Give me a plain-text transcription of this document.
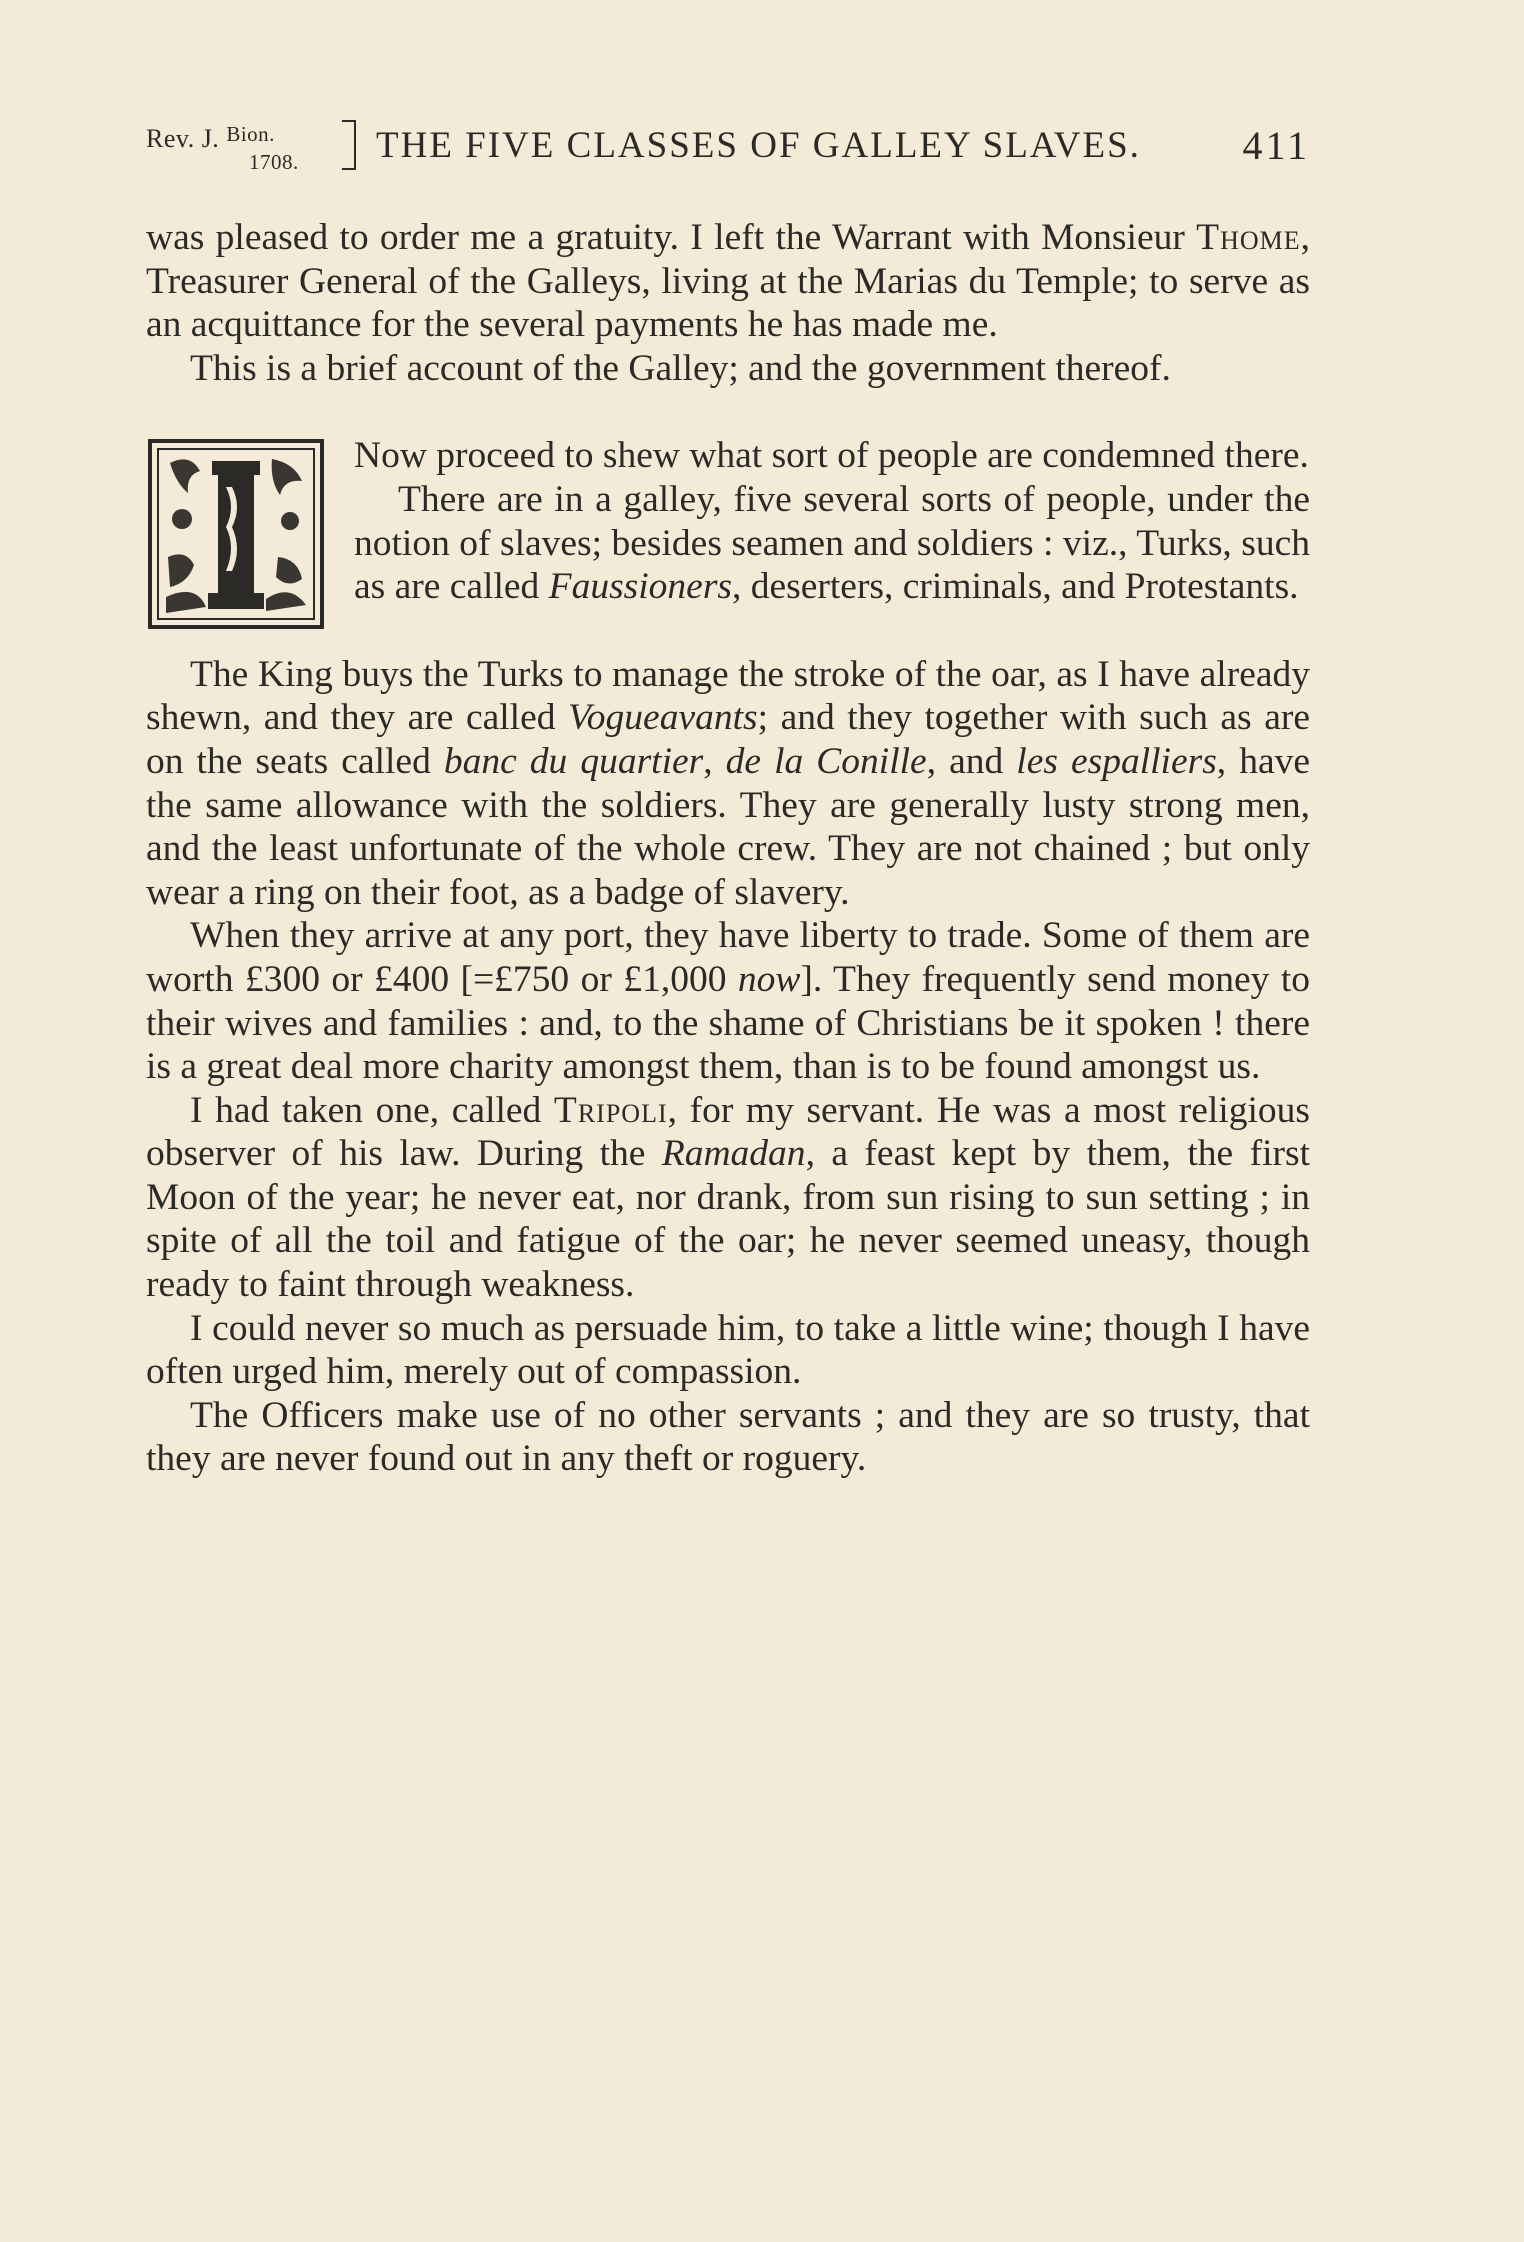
Rev. J. $^{Bion.}$
1708. THE FIVE CLASSES OF GALLEY SLAVES.	411

was pleased to order me a gratuity. I left the Warrant with Monsieur Thome, Treasurer General of the Galleys, living at the Marias du Temple; to serve as an acquittance for the several payments he has made me.

This is a brief account of the Galley; and the government thereof.

Now proceed to shew what sort of people are condemned there.

There are in a galley, five several sorts of people, under the notion of slaves; besides seamen and soldiers : viz., Turks, such as are called Faussioners, deserters, criminals, and Protestants.

The King buys the Turks to manage the stroke of the oar, as I have already shewn, and they are called Vogueavants; and they together with such as are on the seats called banc du quartier, de la Conille, and les espalliers, have the same allowance with the soldiers. They are generally lusty strong men, and the least unfortunate of the whole crew. They are not chained ; but only wear a ring on their foot, as a badge of slavery.

When they arrive at any port, they have liberty to trade. Some of them are worth £300 or £400 [=£750 or £1,000 now]. They frequently send money to their wives and families : and, to the shame of Christians be it spoken ! there is a great deal more charity amongst them, than is to be found amongst us.

I had taken one, called Tripoli, for my servant. He was a most religious observer of his law. During the Ramadan, a feast kept by them, the first Moon of the year; he never eat, nor drank, from sun rising to sun setting ; in spite of all the toil and fatigue of the oar; he never seemed uneasy, though ready to faint through weakness.

I could never so much as persuade him, to take a little wine; though I have often urged him, merely out of compassion.

The Officers make use of no other servants ; and they are so trusty, that they are never found out in any theft or roguery.
